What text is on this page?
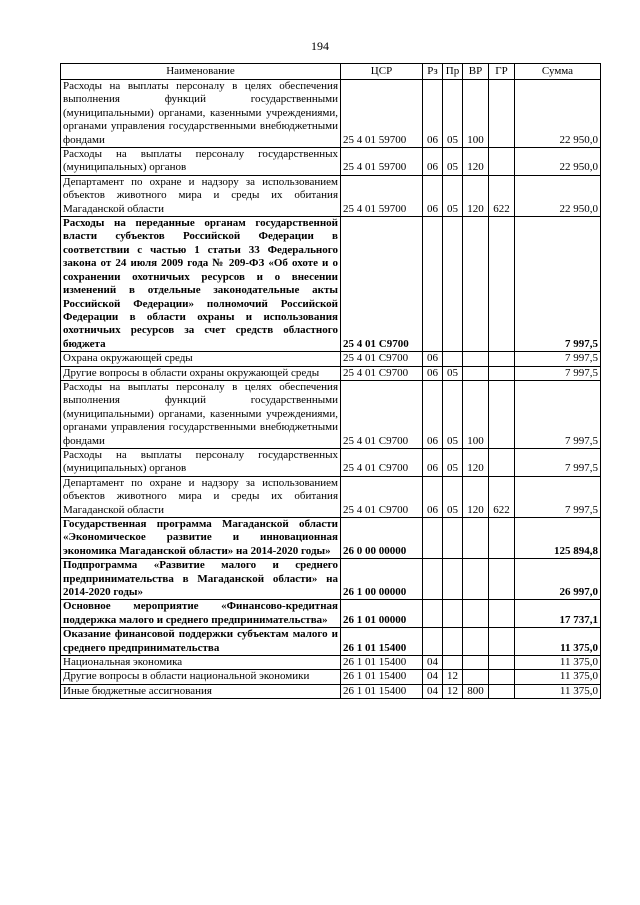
194
Наименование	ЦСР	Рз	Пр	ВР	ГР	Сумма
Расходы на выплаты персоналу в целях обеспечения выполнения функций государственными (муниципальными) органами, казенными учреждениями, органами управления государственными внебюджетными фондами	25 4 01 59700	06	05	100		22 950,0
Расходы на выплаты персоналу государственных (муниципальных) органов	25 4 01 59700	06	05	120		22 950,0
Департамент по охране и надзору за использованием объектов животного мира и среды их обитания Магаданской области	25 4 01 59700	06	05	120	622	22 950,0
Расходы на переданные органам государственной власти субъектов Российской Федерации в соответствии с частью 1 статьи 33 Федерального закона от 24 июля 2009 года № 209-ФЗ «Об охоте и о сохранении охотничьих ресурсов и о внесении изменений в отдельные законодательные акты Российской Федерации» полномочий Российской Федерации в области охраны и использования охотничьих ресурсов за счет средств областного бюджета	25 4 01 C9700					7 997,5
Охрана окружающей среды	25 4 01 C9700	06				7 997,5
Другие вопросы в области охраны окружающей среды	25 4 01 C9700	06	05			7 997,5
Расходы на выплаты персоналу в целях обеспечения выполнения функций государственными (муниципальными) органами, казенными учреждениями, органами управления государственными внебюджетными фондами	25 4 01 C9700	06	05	100		7 997,5
Расходы на выплаты персоналу государственных (муниципальных) органов	25 4 01 C9700	06	05	120		7 997,5
Департамент по охране и надзору за использованием объектов животного мира и среды их обитания Магаданской области	25 4 01 C9700	06	05	120	622	7 997,5
Государственная программа Магаданской области «Экономическое развитие и инновационная экономика Магаданской области» на 2014-2020 годы»	26 0 00 00000					125 894,8
Подпрограмма «Развитие малого и среднего предпринимательства в Магаданской области» на 2014-2020 годы»	26 1 00 00000					26 997,0
Основное мероприятие «Финансово-кредитная поддержка малого и среднего предпринимательства»	26 1 01 00000					17 737,1
Оказание финансовой поддержки субъектам малого и среднего предпринимательства	26 1 01 15400					11 375,0
Национальная экономика	26 1 01 15400	04				11 375,0
Другие вопросы в области национальной экономики	26 1 01 15400	04	12			11 375,0
Иные бюджетные ассигнования	26 1 01 15400	04	12	800		11 375,0
